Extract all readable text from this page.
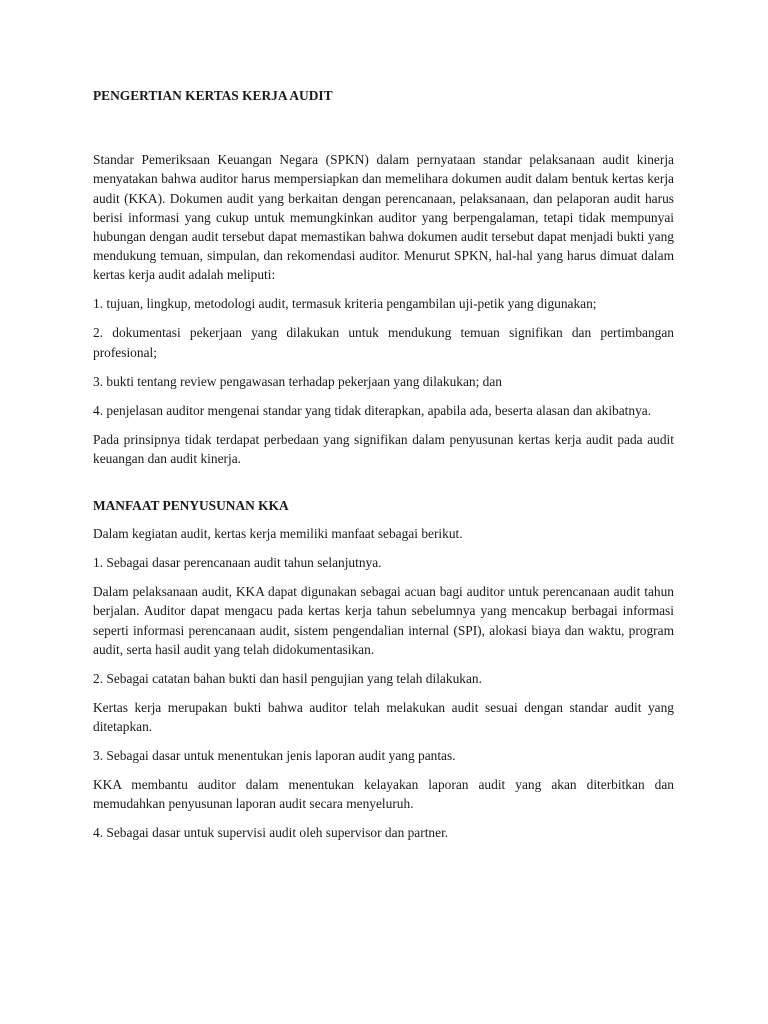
PENGERTIAN KERTAS KERJA AUDIT

Standar Pemeriksaan Keuangan Negara (SPKN) dalam pernyataan standar pelaksanaan audit kinerja menyatakan bahwa auditor harus mempersiapkan dan memelihara dokumen audit dalam bentuk kertas kerja audit (KKA). Dokumen audit yang berkaitan dengan perencanaan, pelaksanaan, dan pelaporan audit harus berisi informasi yang cukup untuk memungkinkan auditor yang berpengalaman, tetapi tidak mempunyai hubungan dengan audit tersebut dapat memastikan bahwa dokumen audit tersebut dapat menjadi bukti yang mendukung temuan, simpulan, dan rekomendasi auditor. Menurut SPKN, hal-hal yang harus dimuat dalam kertas kerja audit adalah meliputi:

1. tujuan, lingkup, metodologi audit, termasuk kriteria pengambilan uji-petik yang digunakan;

2. dokumentasi pekerjaan yang dilakukan untuk mendukung temuan signifikan dan pertimbangan profesional;

3. bukti tentang review pengawasan terhadap pekerjaan yang dilakukan; dan

4. penjelasan auditor mengenai standar yang tidak diterapkan, apabila ada, beserta alasan dan akibatnya.

Pada prinsipnya tidak terdapat perbedaan yang signifikan dalam penyusunan kertas kerja audit pada audit keuangan dan audit kinerja.

MANFAAT PENYUSUNAN KKA

Dalam kegiatan audit, kertas kerja memiliki manfaat sebagai berikut.

1. Sebagai dasar perencanaan audit tahun selanjutnya.

Dalam pelaksanaan audit, KKA dapat digunakan sebagai acuan bagi auditor untuk perencanaan audit tahun berjalan. Auditor dapat mengacu pada kertas kerja tahun sebelumnya yang mencakup berbagai informasi seperti informasi perencanaan audit, sistem pengendalian internal (SPI), alokasi biaya dan waktu, program audit, serta hasil audit yang telah didokumentasikan.

2. Sebagai catatan bahan bukti dan hasil pengujian yang telah dilakukan.

Kertas kerja merupakan bukti bahwa auditor telah melakukan audit sesuai dengan standar audit yang ditetapkan.

3. Sebagai dasar untuk menentukan jenis laporan audit yang pantas.

KKA membantu auditor dalam menentukan kelayakan laporan audit yang akan diterbitkan dan memudahkan penyusunan laporan audit secara menyeluruh.

4. Sebagai dasar untuk supervisi audit oleh supervisor dan partner.
